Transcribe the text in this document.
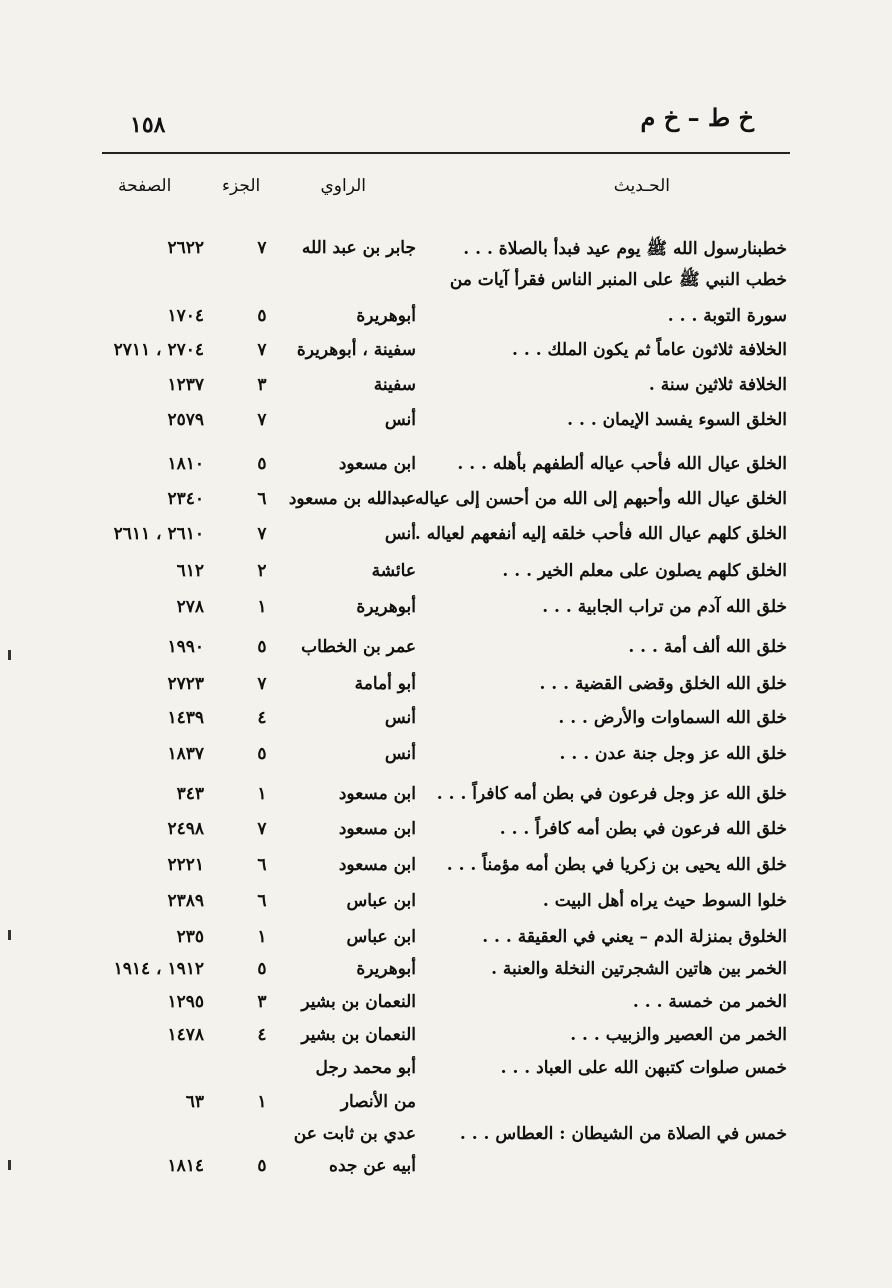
١٥٨	خ ط – خ م
الحـديث
الراوي
الجزء
الصفحة
خطبنارسول الله ﷺ يوم عيد فبدأ بالصلاة . . .
جابر بن عبد الله
٧
٢٦٢٢
خطب النبي ﷺ على المنبر الناس فقرأ آيات من
سورة التوبة . . .
أبوهريرة
٥
١٧٠٤
الخلافة ثلاثون عاماً ثم يكون الملك . . .
سفينة ، أبوهريرة
٧
٢٧٠٤ ، ٢٧١١
الخلافة ثلاثين سنة .
سفينة
٣
١٢٣٧
الخلق السوء يفسد الإيمان . . .
أنس
٧
٢٥٧٩
الخلق عيال الله فأحب عياله ألطفهم بأهله . . .
ابن مسعود
٥
١٨١٠
الخلق عيال الله وأحبهم إلى الله من أحسن إلى عياله . . .
عبدالله بن مسعود
٦
٢٣٤٠
الخلق كلهم عيال الله فأحب خلقه إليه أنفعهم لعياله .
أنس
٧
٢٦١٠ ، ٢٦١١
الخلق كلهم يصلون على معلم الخير . . .
عائشة
٢
٦١٢
خلق الله آدم من تراب الجابية . . .
أبوهريرة
١
٢٧٨
خلق الله ألف أمة . . .
عمر بن الخطاب
٥
١٩٩٠
خلق الله الخلق وقضى القضية . . .
أبو أمامة
٧
٢٧٢٣
خلق الله السماوات والأرض . . .
أنس
٤
١٤٣٩
خلق الله عز وجل جنة عدن . . .
أنس
٥
١٨٣٧
خلق الله عز وجل فرعون في بطن أمه كافراً . . .
ابن مسعود
١
٣٤٣
خلق الله فرعون في بطن أمه كافراً . . .
ابن مسعود
٧
٢٤٩٨
خلق الله يحيى بن زكريا في بطن أمه مؤمناً . . .
ابن مسعود
٦
٢٢٢١
خلوا السوط حيث يراه أهل البيت .
ابن عباس
٦
٢٣٨٩
الخلوق بمنزلة الدم – يعني في العقيقة . . .
ابن عباس
١
٢٣٥
الخمر بين هاتين الشجرتين النخلة والعنبة .
أبوهريرة
٥
١٩١٢ ، ١٩١٤
الخمر من خمسة . . .
النعمان بن بشير
٣
١٢٩٥
الخمر من العصير والزبيب . . .
النعمان بن بشير
٤
١٤٧٨
خمس صلوات كتبهن الله على العباد . . .
أبو محمد رجل
من الأنصار
١
٦٣
خمس في الصلاة من الشيطان : العطاس . . .
عدي بن ثابت عن
أبيه عن جده
٥
١٨١٤
